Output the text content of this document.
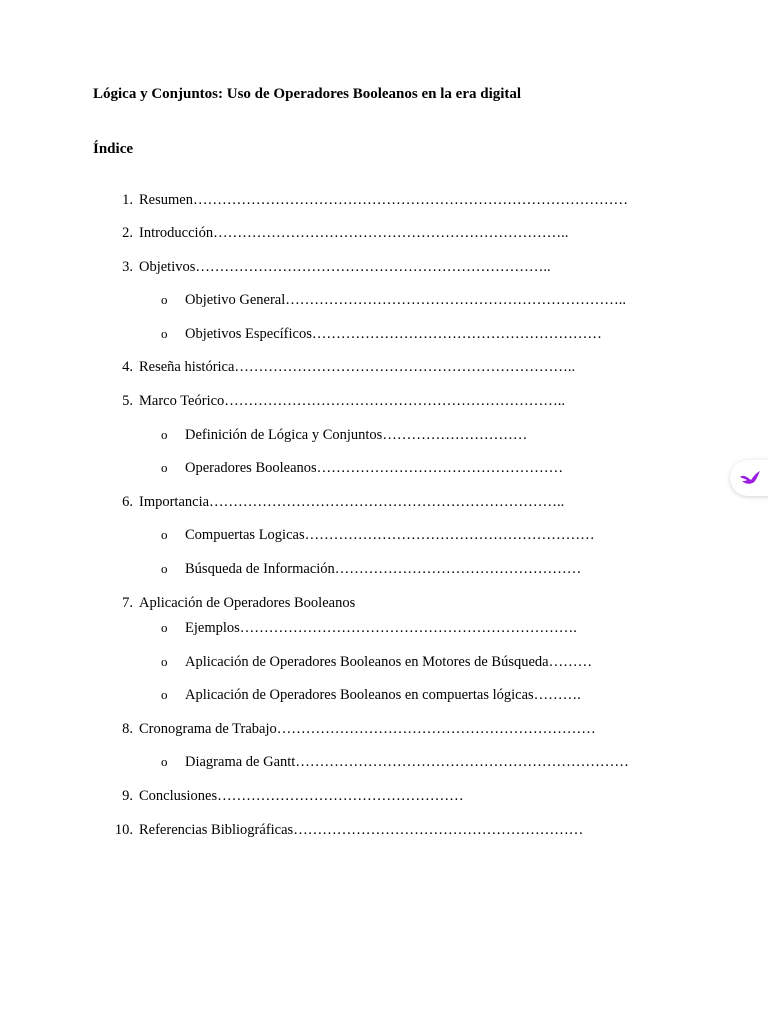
Lógica y Conjuntos: Uso de Operadores Booleanos en la era digital
Índice
1. Resumen………………………………………………………………………………
2. Introducción………………………………………………………………..
3. Objetivos………………………………………………………………..
o Objetivo General……………………………………………………………..
o Objetivos Específicos……………………………………………………
4. Reseña histórica……………………………………………………………..
5. Marco Teórico……………………………………………………………..
o Definición de Lógica y Conjuntos…………………………
o Operadores Booleanos……………………………………………
6. Importancia………………………………………………………………..
o Compuertas Logicas……………………………………………………
o Búsqueda de Información……………………………………………
7. Aplicación de Operadores Booleanos
o Ejemplos…………………………………………………………….
o Aplicación de Operadores Booleanos en Motores de Búsqueda………
o Aplicación de Operadores Booleanos en compuertas lógicas……….
8. Cronograma de Trabajo…………………………………………………………
o Diagrama de Gantt……………………………………………………………
9. Conclusiones……………………………………………
10. Referencias Bibliográficas……………………………………………………
